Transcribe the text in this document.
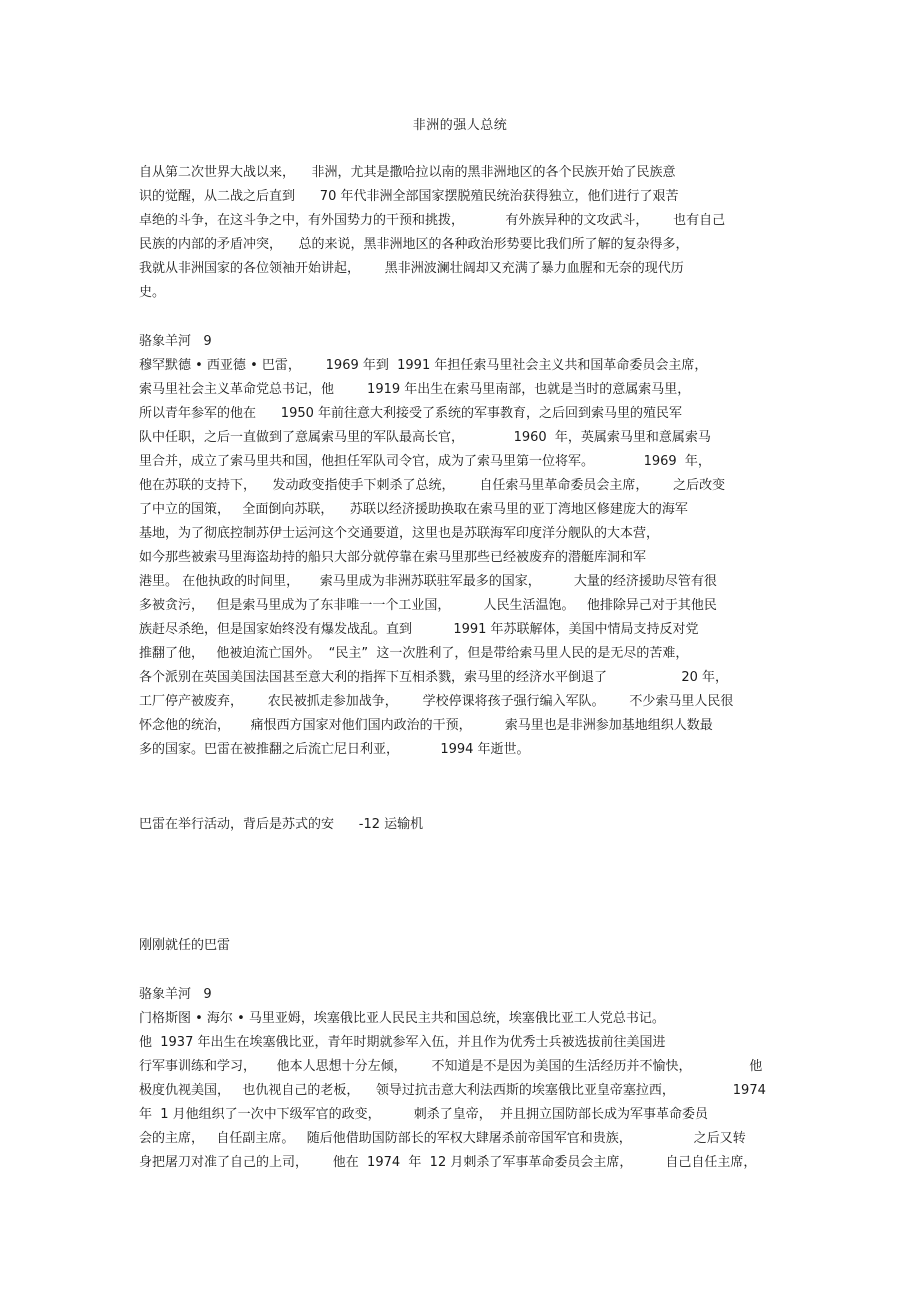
非洲的强人总统
自从第二次世界大战以来，    非洲，尤其是撒哈拉以南的黑非洲地区的各个民族开始了民族意
识的觉醒，从二战之后直到      70 年代非洲全部国家摆脱殖民统治获得独立，他们进行了艰苦
卓绝的斗争，在这斗争之中，有外国势力的干预和挑拨，          有外族异种的文攻武斗，      也有自己
民族的内部的矛盾冲突，    总的来说，黑非洲地区的各种政治形势要比我们所了解的复杂得多，
我就从非洲国家的各位领袖开始讲起，      黑非洲波澜壮阔却又充满了暴力血腥和无奈的现代历
史。
骆象羊河   9
穆罕默德 • 西亚德 • 巴雷，      1969 年到  1991 年担任索马里社会主义共和国革命委员会主席，
索马里社会主义革命党总书记，他        1919 年出生在索马里南部，也就是当时的意属索马里，
所以青年参军的他在      1950 年前往意大利接受了系统的军事教育，之后回到索马里的殖民军
队中任职，之后一直做到了意属索马里的军队最高长官，            1960  年，英属索马里和意属索马
里合并，成立了索马里共和国，他担任军队司令官，成为了索马里第一位将军。            1969  年，
他在苏联的支持下，    发动政变指使手下刺杀了总统，      自任索马里革命委员会主席，      之后改变
了中立的国策，   全面倒向苏联，    苏联以经济援助换取在索马里的亚丁湾地区修建庞大的海军
基地，为了彻底控制苏伊士运河这个交通要道，这里也是苏联海军印度洋分舰队的大本营，
如今那些被索马里海盗劫持的船只大部分就停靠在索马里那些已经被废弃的潜艇库洞和军
港里。 在他执政的时间里，     索马里成为非洲苏联驻军最多的国家，        大量的经济援助尽管有很
多被贪污，   但是索马里成为了东非唯一一个工业国，        人民生活温饱。   他排除异己对于其他民
族赶尽杀绝，但是国家始终没有爆发战乱。直到          1991 年苏联解体，美国中情局支持反对党
推翻了他，   他被迫流亡国外。  “民主”  这一次胜利了，但是带给索马里人民的是无尽的苦难，
各个派别在英国美国法国甚至意大利的指挥下互相杀戮，索马里的经济水平倒退了                  20 年，
工厂停产被废弃，      农民被抓走参加战争，      学校停课将孩子强行编入军队。      不少索马里人民很
怀念他的统治，     痛恨西方国家对他们国内政治的干预，        索马里也是非洲参加基地组织人数最
多的国家。巴雷在被推翻之后流亡尼日利亚，          1994 年逝世。
巴雷在举行活动，背后是苏式的安      -12 运输机
刚刚就任的巴雷
骆象羊河   9
门格斯图 • 海尔 • 马里亚姆，埃塞俄比亚人民民主共和国总统，埃塞俄比亚工人党总书记。
他  1937 年出生在埃塞俄比亚，青年时期就参军入伍，并且作为优秀士兵被选拔前往美国进
行军事训练和学习，     他本人思想十分左倾，      不知道是不是因为美国的生活经历并不愉快，              他
极度仇视美国，   也仇视自己的老板，    领导过抗击意大利法西斯的埃塞俄比亚皇帝塞拉西，              1974
年  1 月他组织了一次中下级军官的政变，        刺杀了皇帝，  并且拥立国防部长成为军事革命委员
会的主席，   自任副主席。   随后他借助国防部长的军权大肆屠杀前帝国军官和贵族，               之后又转
身把屠刀对准了自己的上司，      他在  1974  年  12 月刺杀了军事革命委员会主席，        自己自任主席，
